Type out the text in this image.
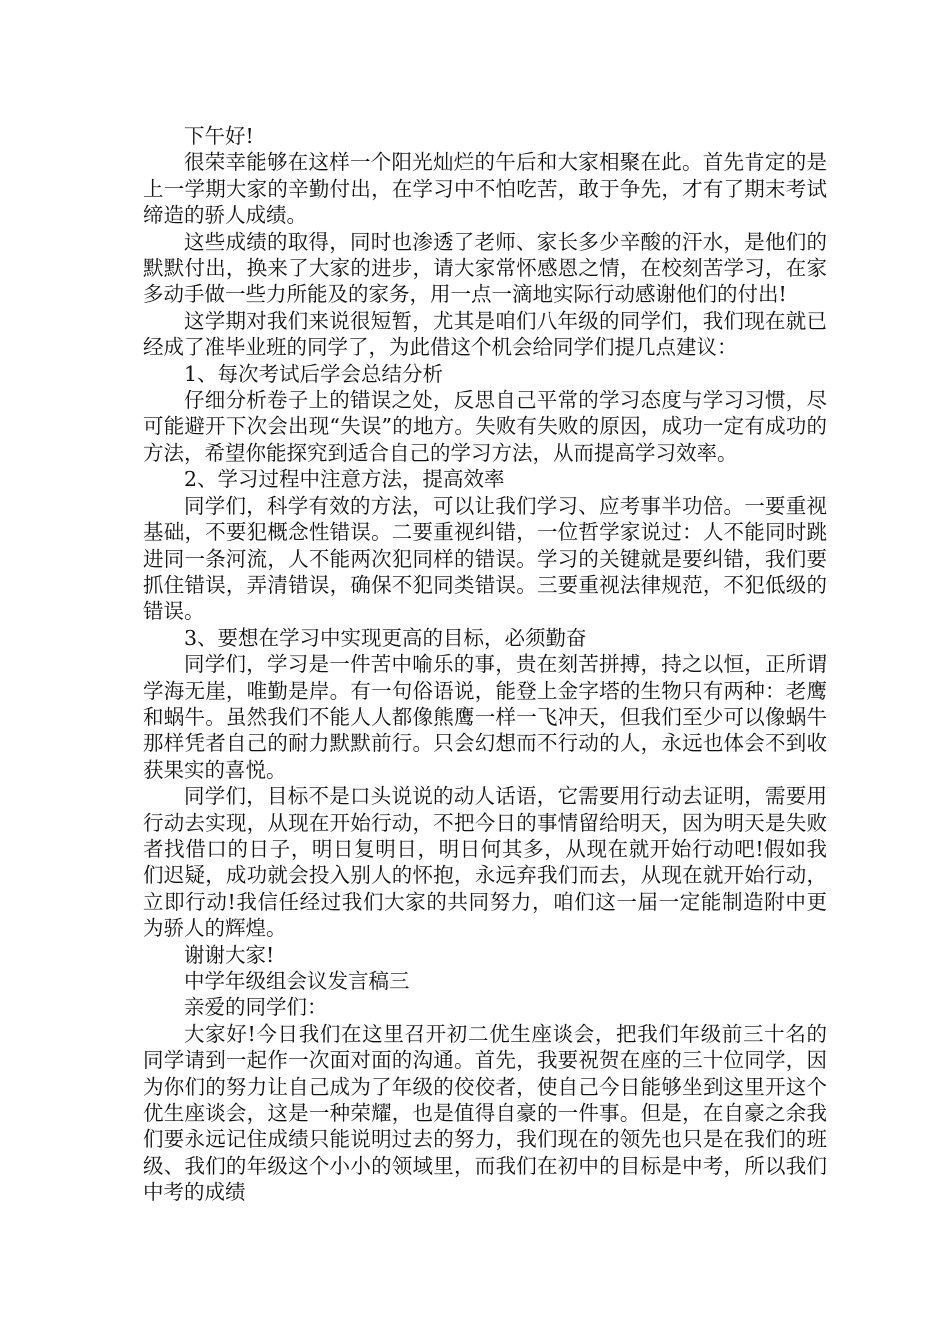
下午好!

很荣幸能够在这样一个阳光灿烂的午后和大家相聚在此。首先肯定的是上一学期大家的辛勤付出，在学习中不怕吃苦，敢于争先，才有了期末考试缔造的骄人成绩。

这些成绩的取得，同时也渗透了老师、家长多少辛酸的汗水，是他们的默默付出，换来了大家的进步，请大家常怀感恩之情，在校刻苦学习，在家多动手做一些力所能及的家务，用一点一滴地实际行动感谢他们的付出!

这学期对我们来说很短暂，尤其是咱们八年级的同学们，我们现在就已经成了准毕业班的同学了，为此借这个机会给同学们提几点建议：

1、每次考试后学会总结分析

仔细分析卷子上的错误之处，反思自己平常的学习态度与学习习惯，尽可能避开下次会出现“失误”的地方。失败有失败的原因，成功一定有成功的方法，希望你能探究到适合自己的学习方法，从而提高学习效率。

2、学习过程中注意方法，提高效率

同学们，科学有效的方法，可以让我们学习、应考事半功倍。一要重视基础，不要犯概念性错误。二要重视纠错，一位哲学家说过：人不能同时跳进同一条河流，人不能两次犯同样的错误。学习的关键就是要纠错，我们要抓住错误，弄清错误，确保不犯同类错误。三要重视法律规范，不犯低级的错误。

3、要想在学习中实现更高的目标，必须勤奋

同学们，学习是一件苦中喻乐的事，贵在刻苦拼搏，持之以恒，正所谓学海无崖，唯勤是岸。有一句俗语说，能登上金字塔的生物只有两种：老鹰和蜗牛。虽然我们不能人人都像熊鹰一样一飞冲天，但我们至少可以像蜗牛那样凭者自己的耐力默默前行。只会幻想而不行动的人，永远也体会不到收获果实的喜悦。

同学们，目标不是口头说说的动人话语，它需要用行动去证明，需要用行动去实现，从现在开始行动，不把今日的事情留给明天，因为明天是失败者找借口的日子，明日复明日，明日何其多，从现在就开始行动吧!假如我们迟疑，成功就会投入别人的怀抱，永远弃我们而去，从现在就开始行动，立即行动!我信任经过我们大家的共同努力，咱们这一届一定能制造附中更为骄人的辉煌。

谢谢大家!

中学年级组会议发言稿三

亲爱的同学们：

大家好!今日我们在这里召开初二优生座谈会，把我们年级前三十名的同学请到一起作一次面对面的沟通。首先，我要祝贺在座的三十位同学，因为你们的努力让自己成为了年级的佼佼者，使自己今日能够坐到这里开这个优生座谈会，这是一种荣耀，也是值得自豪的一件事。但是，在自豪之余我们要永远记住成绩只能说明过去的努力，我们现在的领先也只是在我们的班级、我们的年级这个小小的领域里，而我们在初中的目标是中考，所以我们中考的成绩
